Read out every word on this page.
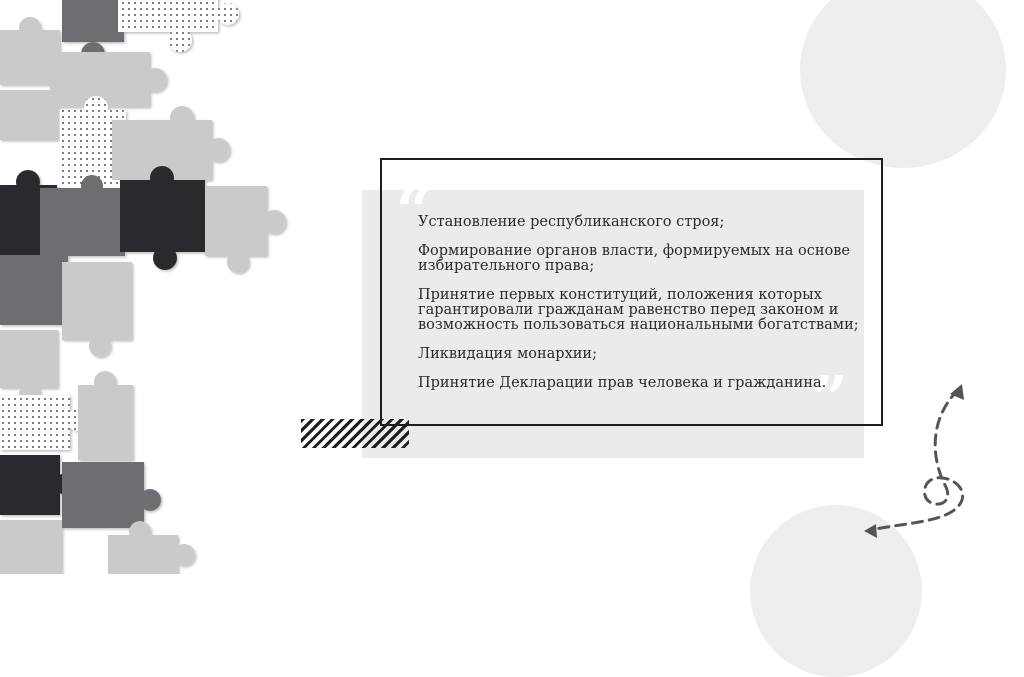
“
”

Установление республиканского строя;

Формирование органов власти, формируемых на основе избирательного права;

Принятие первых конституций, положения которых гарантировали гражданам равенство перед законом и возможность пользоваться национальными богатствами;

Ликвидация монархии;

Принятие Декларации прав человека и гражданина.
